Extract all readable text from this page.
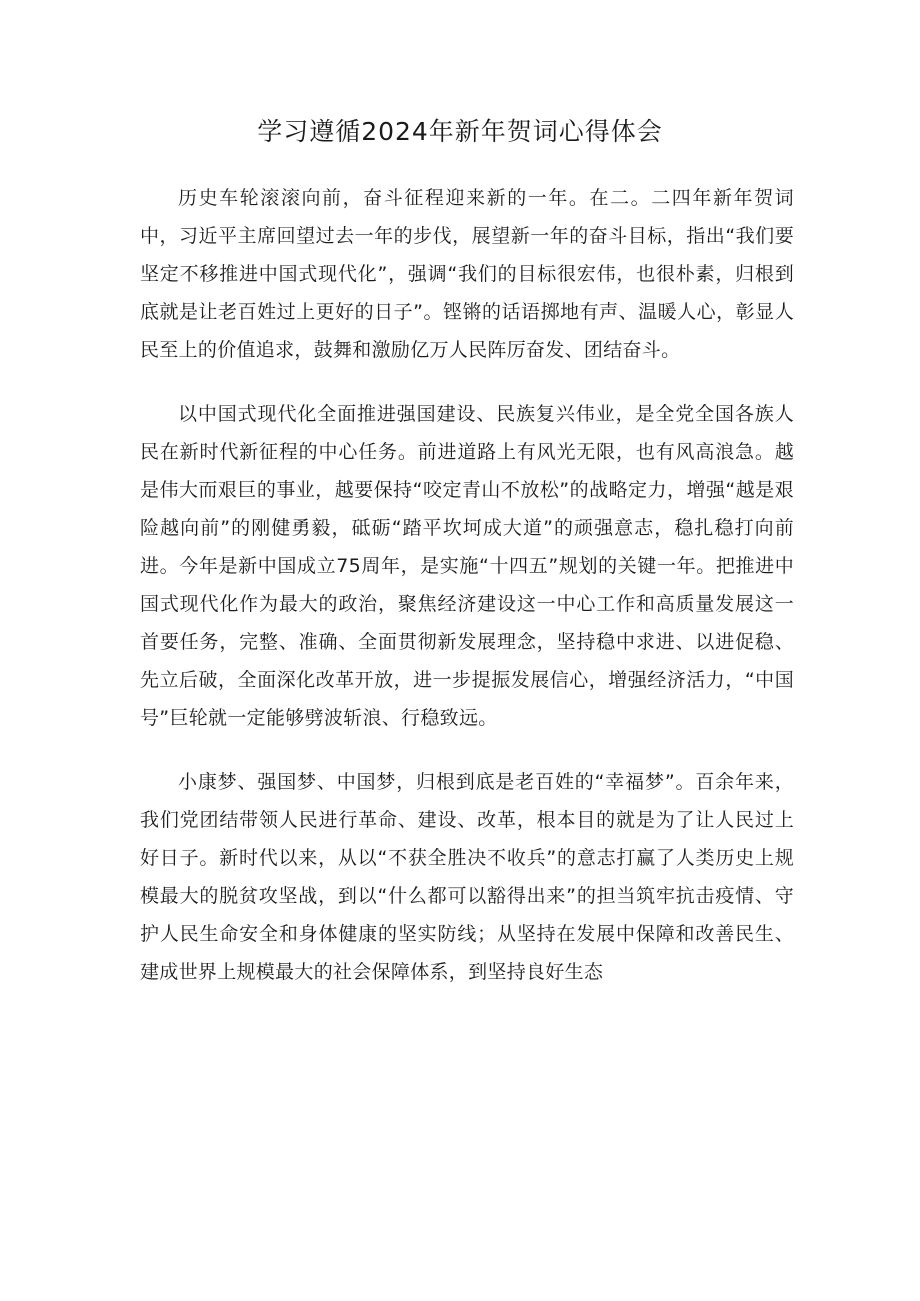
学习遵循2024年新年贺词心得体会

历史车轮滚滚向前，奋斗征程迎来新的一年。在二。二四年新年贺词中，习近平主席回望过去一年的步伐，展望新一年的奋斗目标，指出“我们要坚定不移推进中国式现代化”，强调“我们的目标很宏伟，也很朴素，归根到底就是让老百姓过上更好的日子”。铿锵的话语掷地有声、温暖人心，彰显人民至上的价值追求，鼓舞和激励亿万人民阵厉奋发、团结奋斗。

以中国式现代化全面推进强国建设、民族复兴伟业，是全党全国各族人民在新时代新征程的中心任务。前进道路上有风光无限，也有风高浪急。越是伟大而艰巨的事业，越要保持“咬定青山不放松”的战略定力，增强“越是艰险越向前”的刚健勇毅，砥砺“踏平坎坷成大道”的顽强意志，稳扎稳打向前进。今年是新中国成立75周年，是实施“十四五”规划的关键一年。把推进中国式现代化作为最大的政治，聚焦经济建设这一中心工作和高质量发展这一首要任务，完整、准确、全面贯彻新发展理念，坚持稳中求进、以进促稳、先立后破，全面深化改革开放，进一步提振发展信心，增强经济活力，“中国号”巨轮就一定能够劈波斩浪、行稳致远。

小康梦、强国梦、中国梦，归根到底是老百姓的“幸福梦”。百余年来，我们党团结带领人民进行革命、建设、改革，根本目的就是为了让人民过上好日子。新时代以来，从以“不获全胜决不收兵”的意志打赢了人类历史上规模最大的脱贫攻坚战，到以“什么都可以豁得出来”的担当筑牢抗击疫情、守护人民生命安全和身体健康的坚实防线；从坚持在发展中保障和改善民生、建成世界上规模最大的社会保障体系，到坚持良好生态
